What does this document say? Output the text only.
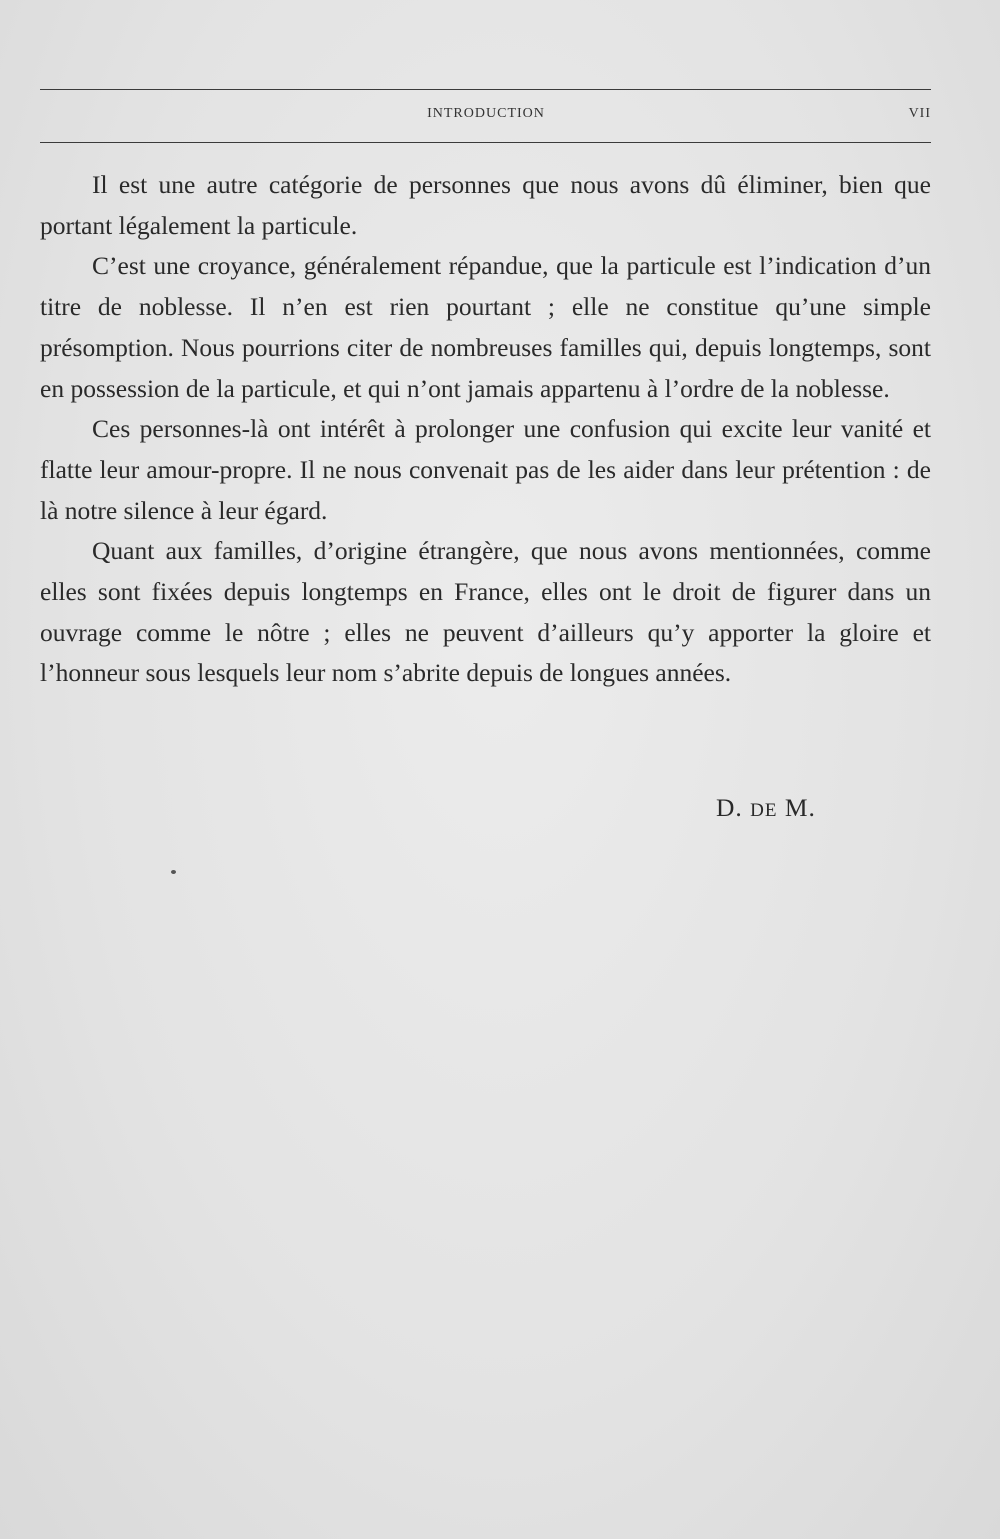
INTRODUCTION	VII

Il est une autre catégorie de personnes que nous avons dû éliminer, bien que portant légalement la particule.

C’est une croyance, généralement répandue, que la particule est l’indication d’un titre de noblesse. Il n’en est rien pourtant ; elle ne constitue qu’une simple présomption. Nous pourrions citer de nombreuses familles qui, depuis longtemps, sont en possession de la particule, et qui n’ont jamais appartenu à l’ordre de la noblesse.

Ces personnes-là ont intérêt à prolonger une confusion qui excite leur vanité et flatte leur amour-propre. Il ne nous convenait pas de les aider dans leur prétention : de là notre silence à leur égard.

Quant aux familles, d’origine étrangère, que nous avons mentionnées, comme elles sont fixées depuis longtemps en France, elles ont le droit de figurer dans un ouvrage comme le nôtre ; elles ne peuvent d’ailleurs qu’y apporter la gloire et l’honneur sous lesquels leur nom s’abrite depuis de longues années.

D. DE M.
